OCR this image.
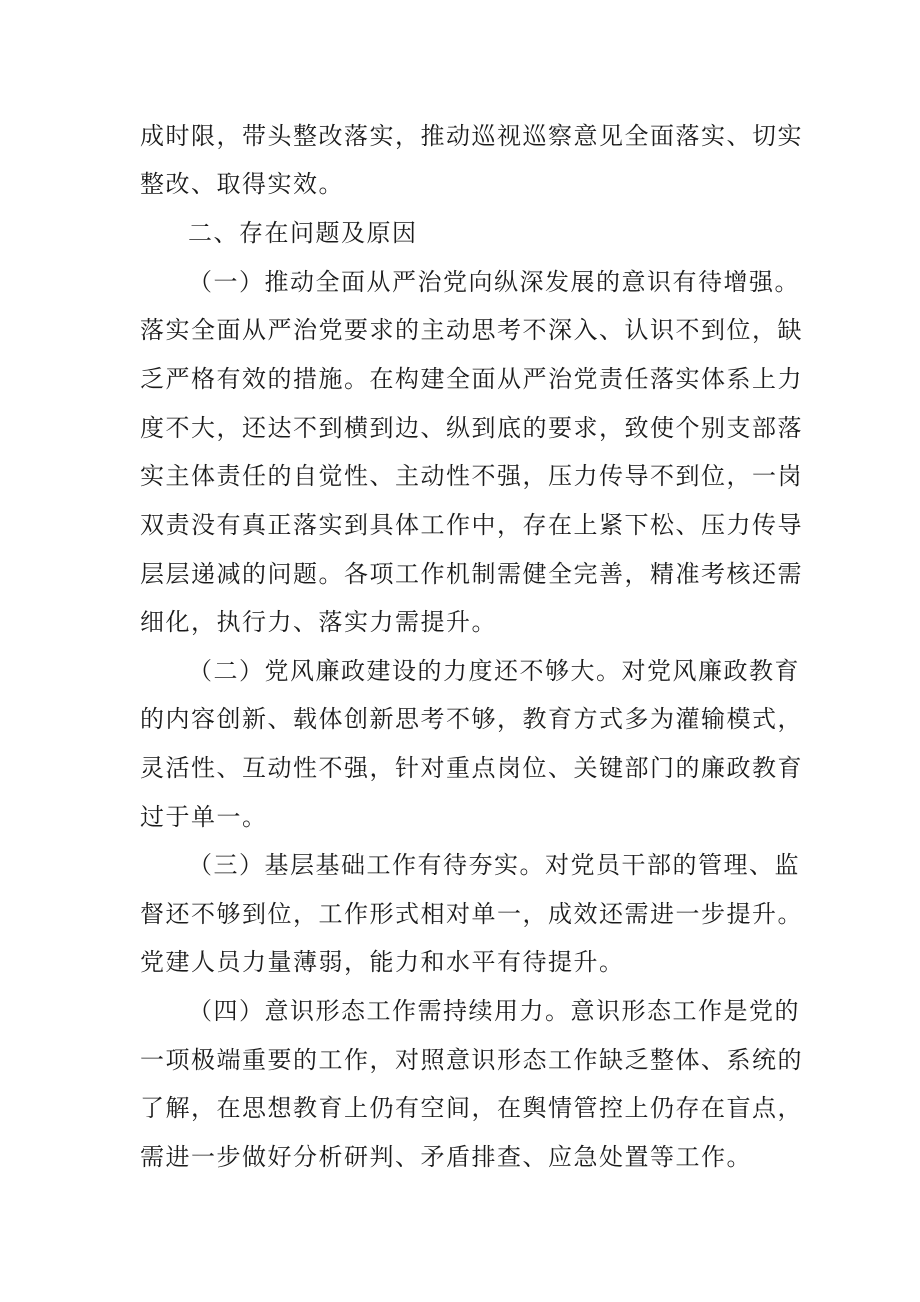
成时限，带头整改落实，推动巡视巡察意见全面落实、切实
整改、取得实效。
二、存在问题及原因
（一）推动全面从严治党向纵深发展的意识有待增强。
落实全面从严治党要求的主动思考不深入、认识不到位，缺
乏严格有效的措施。在构建全面从严治党责任落实体系上力
度不大，还达不到横到边、纵到底的要求，致使个别支部落
实主体责任的自觉性、主动性不强，压力传导不到位，一岗
双责没有真正落实到具体工作中，存在上紧下松、压力传导
层层递减的问题。各项工作机制需健全完善，精准考核还需
细化，执行力、落实力需提升。
（二）党风廉政建设的力度还不够大。对党风廉政教育
的内容创新、载体创新思考不够，教育方式多为灌输模式，
灵活性、互动性不强，针对重点岗位、关键部门的廉政教育
过于单一。
（三）基层基础工作有待夯实。对党员干部的管理、监
督还不够到位，工作形式相对单一，成效还需进一步提升。
党建人员力量薄弱，能力和水平有待提升。
（四）意识形态工作需持续用力。意识形态工作是党的
一项极端重要的工作，对照意识形态工作缺乏整体、系统的
了解，在思想教育上仍有空间，在舆情管控上仍存在盲点，
需进一步做好分析研判、矛盾排查、应急处置等工作。
